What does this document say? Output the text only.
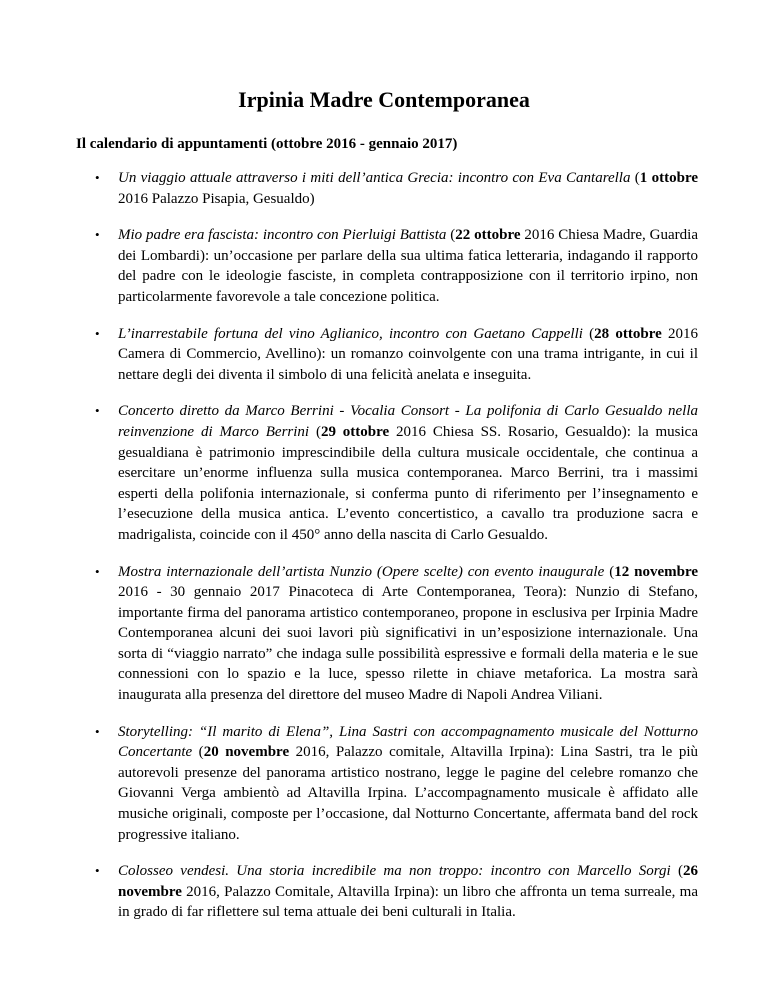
Irpinia Madre Contemporanea

Il calendario di appuntamenti (ottobre 2016 - gennaio 2017)

• Un viaggio attuale attraverso i miti dell’antica Grecia: incontro con Eva Cantarella (1 ottobre 2016 Palazzo Pisapia, Gesualdo)
• Mio padre era fascista: incontro con Pierluigi Battista (22 ottobre 2016 Chiesa Madre, Guardia dei Lombardi): un’occasione per parlare della sua ultima fatica letteraria, indagando il rapporto del padre con le ideologie fasciste, in completa contrapposizione con il territorio irpino, non particolarmente favorevole a tale concezione politica.
• L’inarrestabile fortuna del vino Aglianico, incontro con Gaetano Cappelli (28 ottobre 2016 Camera di Commercio, Avellino): un romanzo coinvolgente con una trama intrigante, in cui il nettare degli dei diventa il simbolo di una felicità anelata e inseguita.
• Concerto diretto da Marco Berrini - Vocalia Consort - La polifonia di Carlo Gesualdo nella reinvenzione di Marco Berrini (29 ottobre 2016 Chiesa SS. Rosario, Gesualdo): la musica gesualdiana è patrimonio imprescindibile della cultura musicale occidentale, che continua a esercitare un’enorme influenza sulla musica contemporanea. Marco Berrini, tra i massimi esperti della polifonia internazionale, si conferma punto di riferimento per l’insegnamento e l’esecuzione della musica antica. L’evento concertistico, a cavallo tra produzione sacra e madrigalista, coincide con il 450° anno della nascita di Carlo Gesualdo.
• Mostra internazionale dell’artista Nunzio (Opere scelte) con evento inaugurale (12 novembre 2016 - 30 gennaio 2017 Pinacoteca di Arte Contemporanea, Teora): Nunzio di Stefano, importante firma del panorama artistico contemporaneo, propone in esclusiva per Irpinia Madre Contemporanea alcuni dei suoi lavori più significativi in un’esposizione internazionale. Una sorta di “viaggio narrato” che indaga sulle possibilità espressive e formali della materia e le sue connessioni con lo spazio e la luce, spesso rilette in chiave metaforica. La mostra sarà inaugurata alla presenza del direttore del museo Madre di Napoli Andrea Viliani.
• Storytelling: “Il marito di Elena”, Lina Sastri con accompagnamento musicale del Notturno Concertante (20 novembre 2016, Palazzo comitale, Altavilla Irpina): Lina Sastri, tra le più autorevoli presenze del panorama artistico nostrano, legge le pagine del celebre romanzo che Giovanni Verga ambientò ad Altavilla Irpina. L’accompagnamento musicale è affidato alle musiche originali, composte per l’occasione, dal Notturno Concertante, affermata band del rock progressive italiano.
• Colosseo vendesi. Una storia incredibile ma non troppo: incontro con Marcello Sorgi (26 novembre 2016, Palazzo Comitale, Altavilla Irpina): un libro che affronta un tema surreale, ma in grado di far riflettere sul tema attuale dei beni culturali in Italia.
